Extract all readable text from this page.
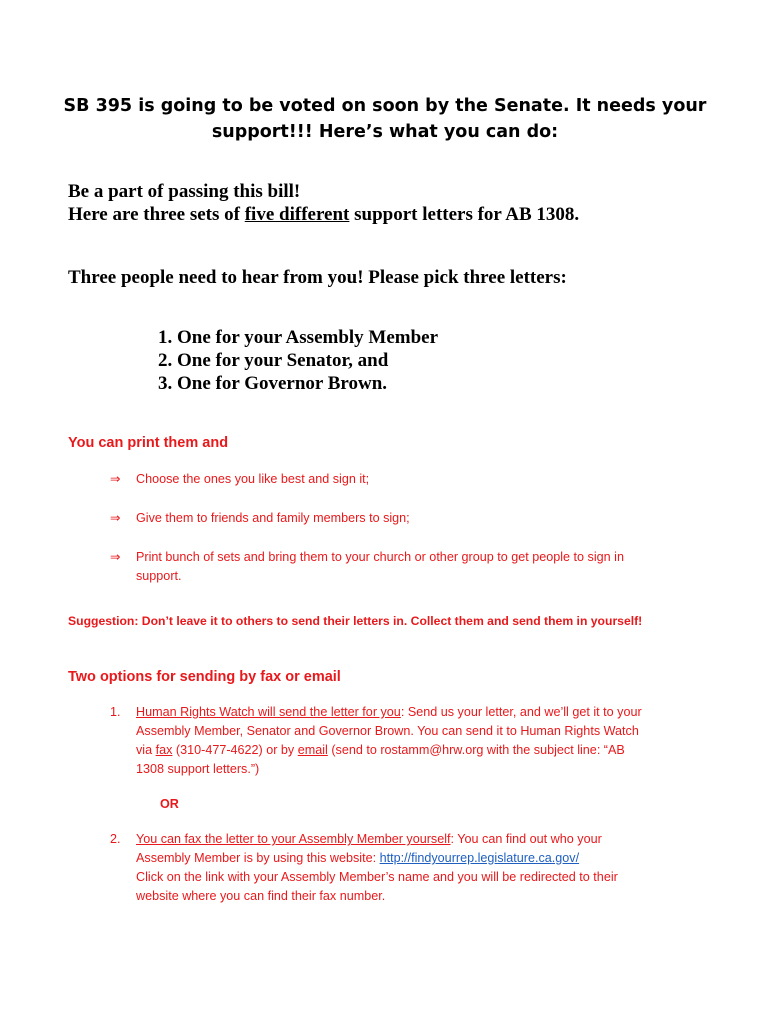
SB 395 is going to be voted on soon by the Senate. It needs your
support!!! Here’s what you can do:
Be a part of passing this bill!
Here are three sets of five different support letters for AB 1308.
Three people need to hear from you! Please pick three letters:
1. One for your Assembly Member
2. One for your Senator, and
3. One for Governor Brown.
You can print them and
⇒	Choose the ones you like best and sign it;
⇒	Give them to friends and family members to sign;
⇒	Print bunch of sets and bring them to your church or other group to get people to sign in
support.
Suggestion: Don’t leave it to others to send their letters in. Collect them and send them in yourself!
Two options for sending by fax or email
1. Human Rights Watch will send the letter for you: Send us your letter, and we’ll get it to your
Assembly Member, Senator and Governor Brown. You can send it to Human Rights Watch
via fax (310-477-4622) or by email (send to rostamm@hrw.org with the subject line: “AB
1308 support letters.”)
OR
2. You can fax the letter to your Assembly Member yourself: You can find out who your
Assembly Member is by using this website: http://findyourrep.legislature.ca.gov/
Click on the link with your Assembly Member’s name and you will be redirected to their
website where you can find their fax number.
